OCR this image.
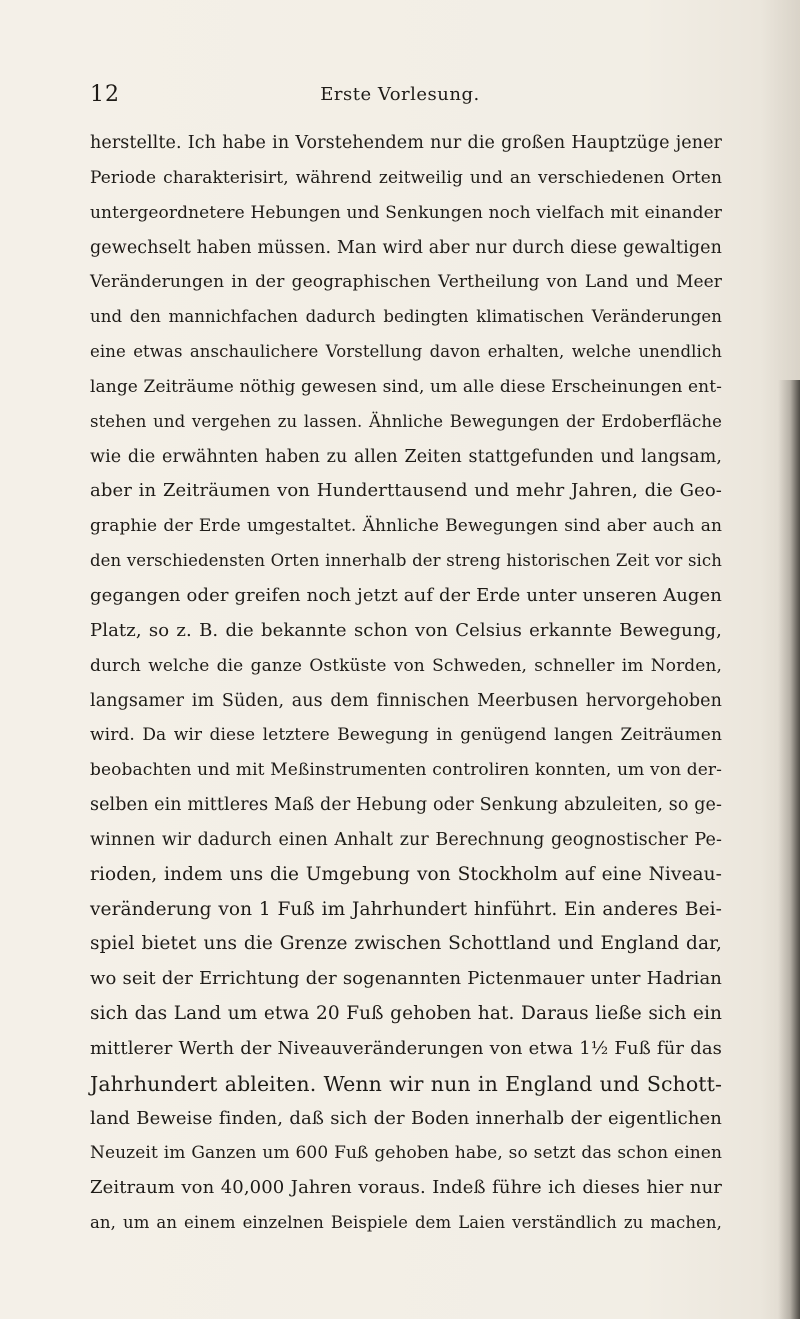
12	Erste Vorlesung.
herstellte. Ich habe in Vorstehendem nur die großen Hauptzüge jener
Periode charakterisirt, während zeitweilig und an verschiedenen Orten
untergeordnetere Hebungen und Senkungen noch vielfach mit einander
gewechselt haben müssen. Man wird aber nur durch diese gewaltigen
Veränderungen in der geographischen Vertheilung von Land und Meer
und den mannichfachen dadurch bedingten klimatischen Veränderungen
eine etwas anschaulichere Vorstellung davon erhalten, welche unendlich
lange Zeiträume nöthig gewesen sind, um alle diese Erscheinungen ent-
stehen und vergehen zu lassen. Ähnliche Bewegungen der Erdoberfläche
wie die erwähnten haben zu allen Zeiten stattgefunden und langsam,
aber in Zeiträumen von Hunderttausend und mehr Jahren, die Geo-
graphie der Erde umgestaltet. Ähnliche Bewegungen sind aber auch an
den verschiedensten Orten innerhalb der streng historischen Zeit vor sich
gegangen oder greifen noch jetzt auf der Erde unter unseren Augen
Platz, so z. B. die bekannte schon von Celsius erkannte Bewegung,
durch welche die ganze Ostküste von Schweden, schneller im Norden,
langsamer im Süden, aus dem finnischen Meerbusen hervorgehoben
wird. Da wir diese letztere Bewegung in genügend langen Zeiträumen
beobachten und mit Meßinstrumenten controliren konnten, um von der-
selben ein mittleres Maß der Hebung oder Senkung abzuleiten, so ge-
winnen wir dadurch einen Anhalt zur Berechnung geognostischer Pe-
rioden, indem uns die Umgebung von Stockholm auf eine Niveau-
veränderung von 1 Fuß im Jahrhundert hinführt. Ein anderes Bei-
spiel bietet uns die Grenze zwischen Schottland und England dar,
wo seit der Errichtung der sogenannten Pictenmauer unter Hadrian
sich das Land um etwa 20 Fuß gehoben hat. Daraus ließe sich ein
mittlerer Werth der Niveauveränderungen von etwa 1½ Fuß für das
Jahrhundert ableiten. Wenn wir nun in England und Schott-
land Beweise finden, daß sich der Boden innerhalb der eigentlichen
Neuzeit im Ganzen um 600 Fuß gehoben habe, so setzt das schon einen
Zeitraum von 40,000 Jahren voraus. Indeß führe ich dieses hier nur
an, um an einem einzelnen Beispiele dem Laien verständlich zu machen,
